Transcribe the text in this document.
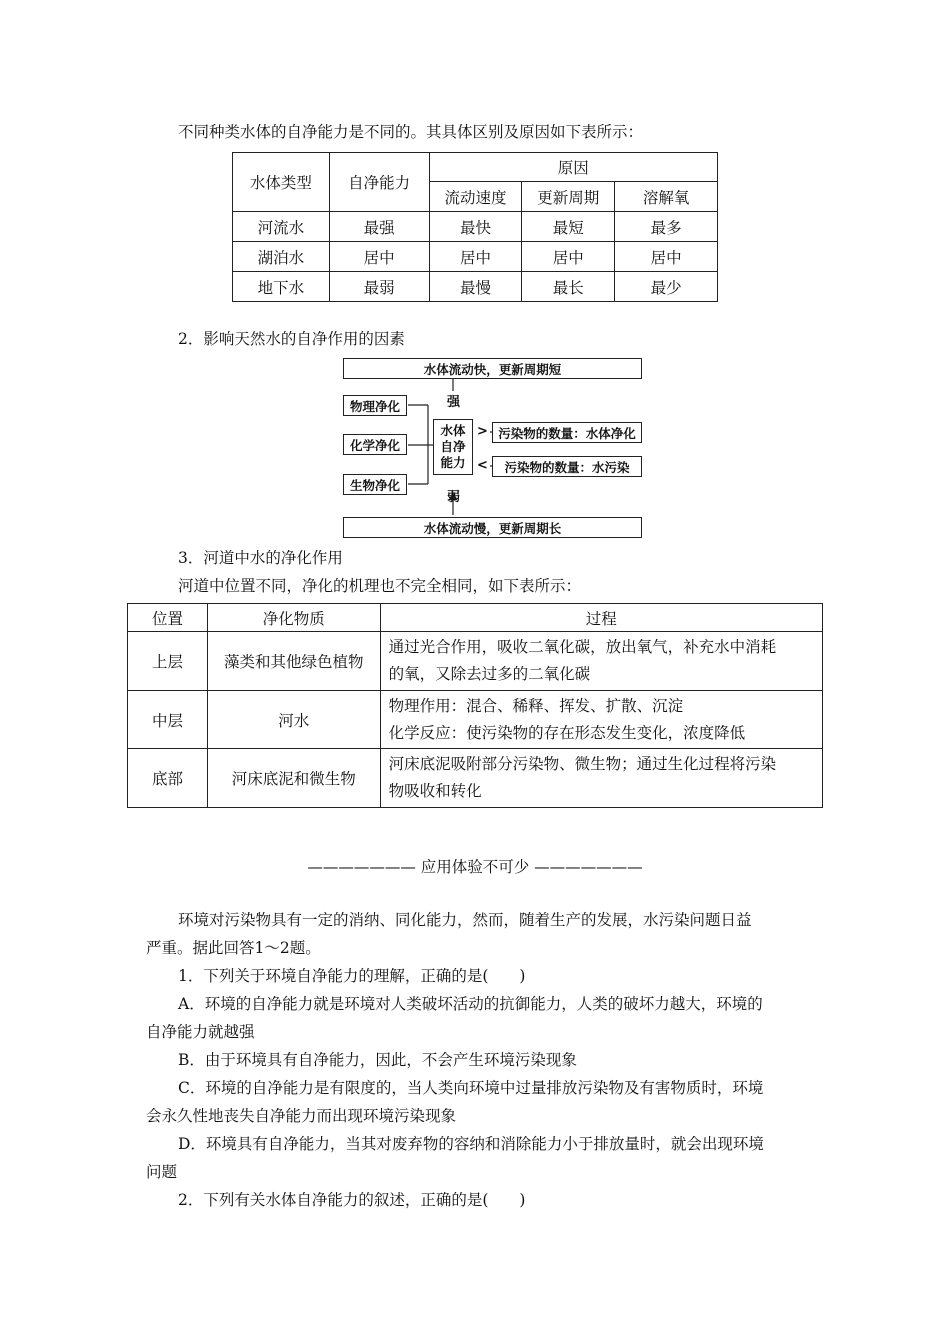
不同种类水体的自净能力是不同的。其具体区别及原因如下表所示：
水体类型	自净能力	原因		
		流动速度	更新周期	溶解氧
河流水	最强	最快	最短	最多
湖泊水	居中	居中	居中	居中
地下水	最弱	最慢	最长	最少
2．影响天然水的自净作用的因素
水体流动快，更新周期短
强
物理净化
化学净化
生物净化
水体自净能力
>
<
污染物的数量：水体净化
污染物的数量：水污染
弱
水体流动慢，更新周期长
3．河道中水的净化作用
河道中位置不同，净化的机理也不完全相同，如下表所示：
位置	净化物质	过程
上层	藻类和其他绿色植物	通过光合作用，吸收二氧化碳，放出氧气，补充水中消耗
的氧，又除去过多的二氧化碳

中层	河水	物理作用：混合、稀释、挥发、扩散、沉淀
化学反应：使污染物的存在形态发生变化，浓度降低

底部	河床底泥和微生物	河床底泥吸附部分污染物、微生物；通过生化过程将污染
物吸收和转化
——————— 应用体验不可少 ———————
环境对污染物具有一定的消纳、同化能力，然而，随着生产的发展，水污染问题日益
严重。据此回答1～2题。
1．下列关于环境自净能力的理解，正确的是(　　)
A．环境的自净能力就是环境对人类破坏活动的抗御能力，人类的破坏力越大，环境的
自净能力就越强
B．由于环境具有自净能力，因此，不会产生环境污染现象
C．环境的自净能力是有限度的，当人类向环境中过量排放污染物及有害物质时，环境
会永久性地丧失自净能力而出现环境污染现象
D．环境具有自净能力，当其对废弃物的容纳和消除能力小于排放量时，就会出现环境
问题
2．下列有关水体自净能力的叙述，正确的是(　　)
